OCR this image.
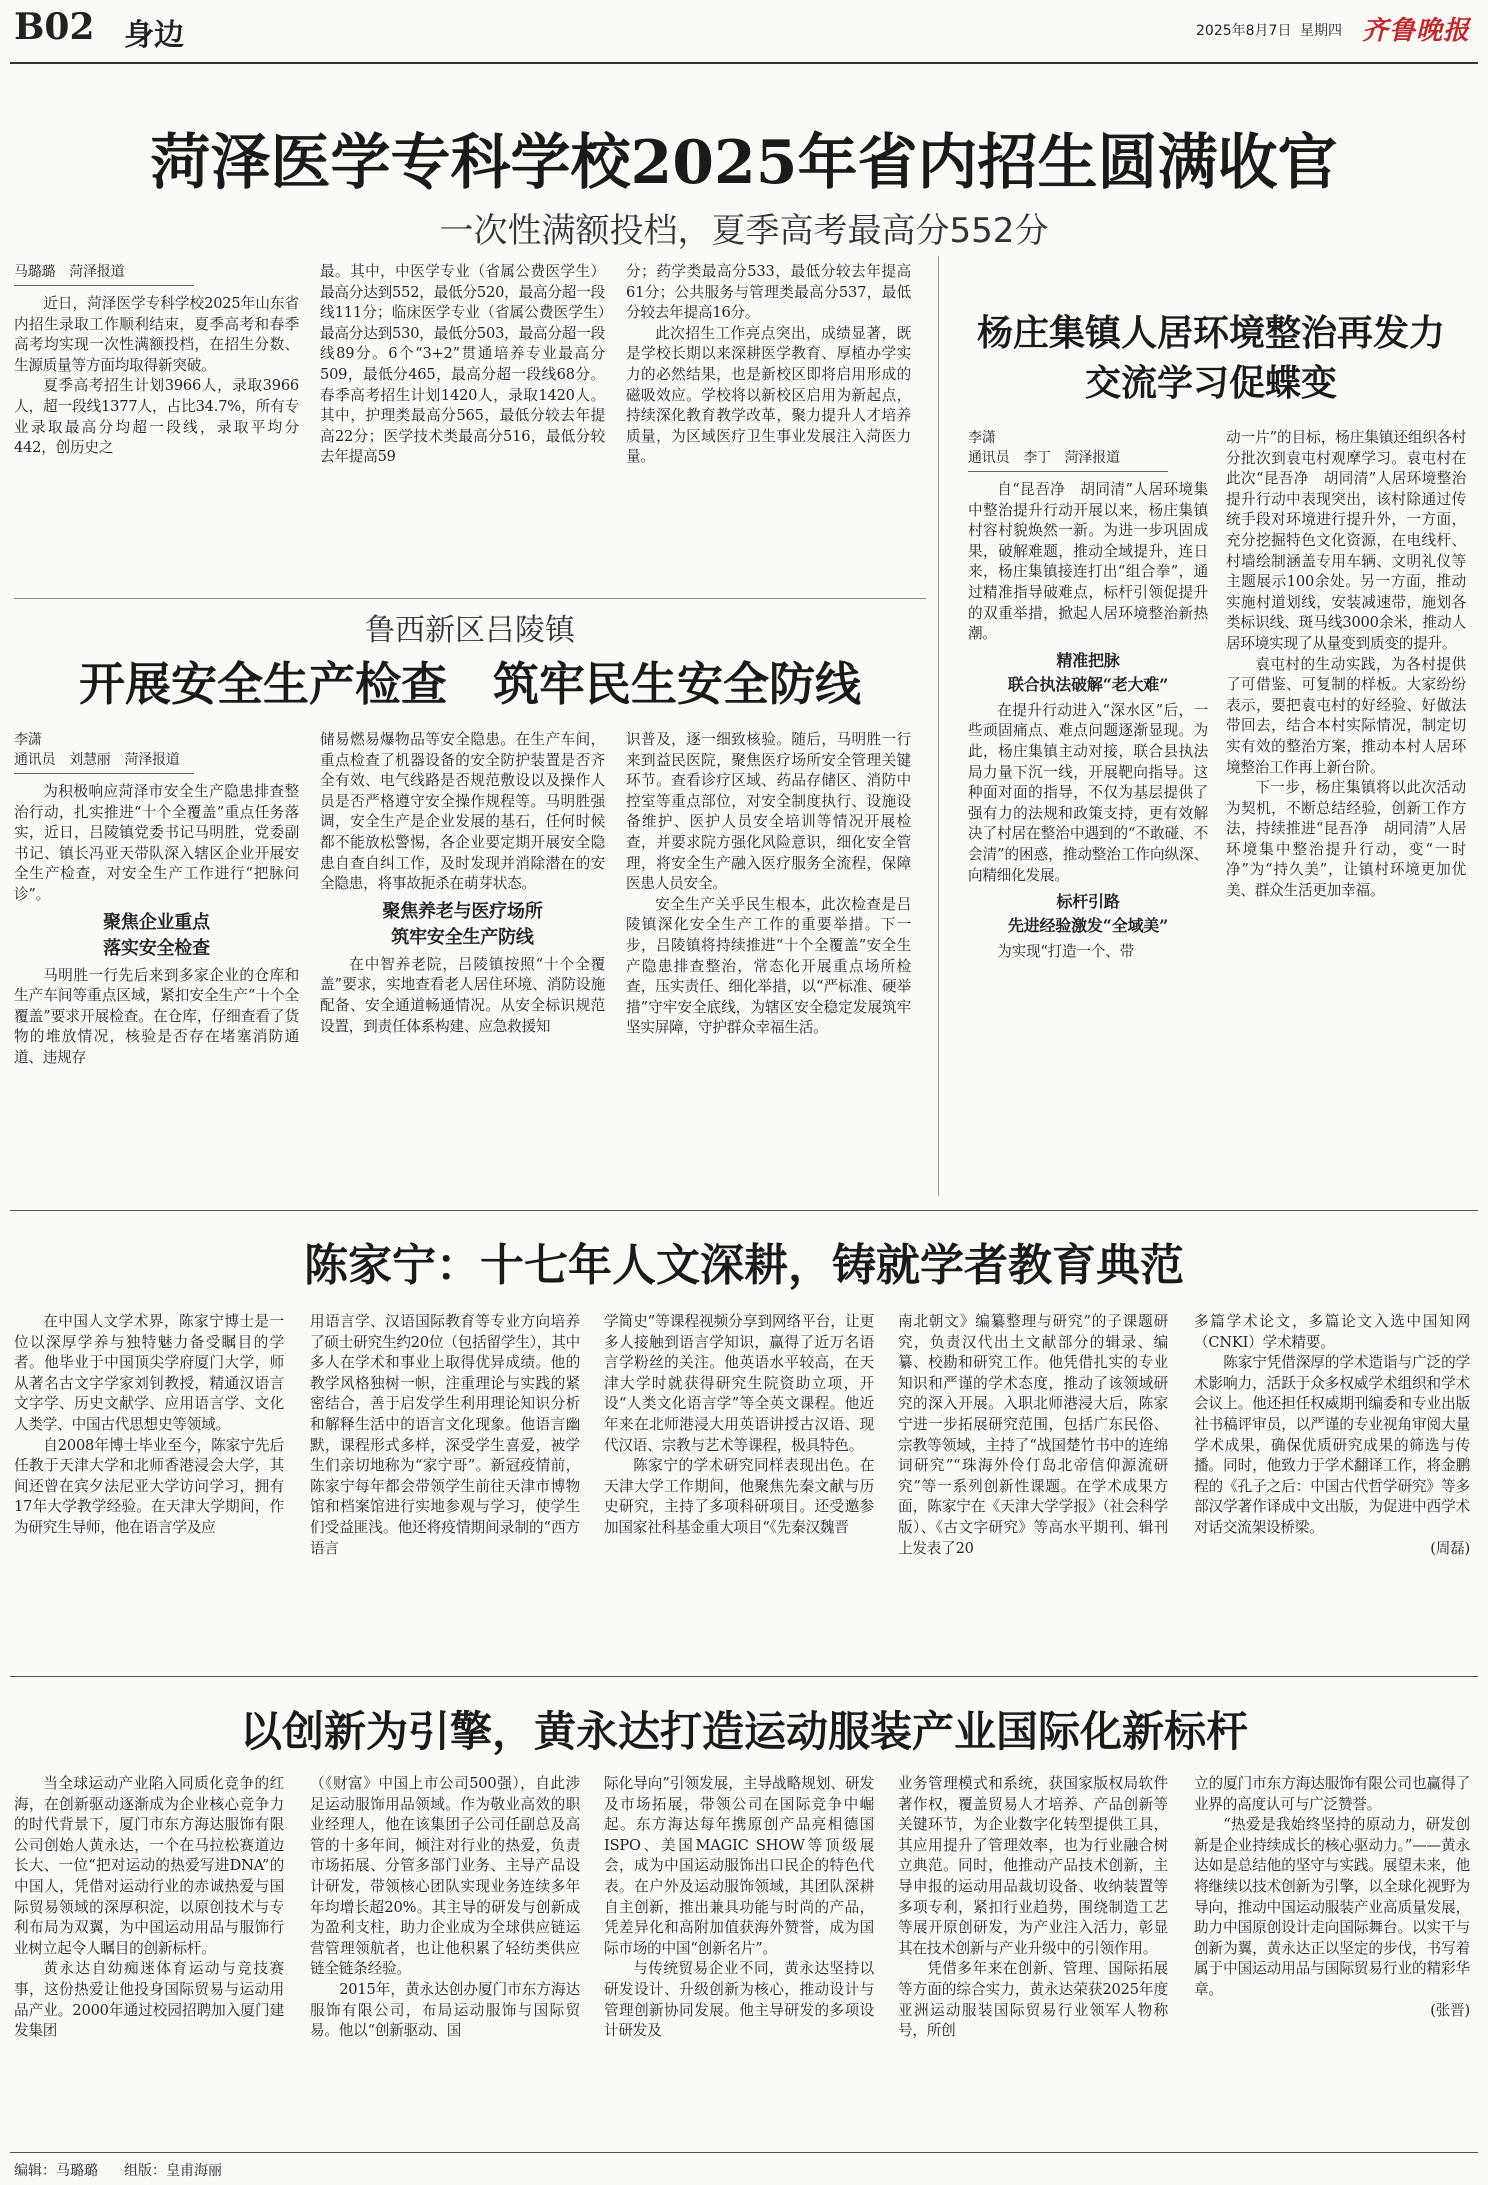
B02 身边	2025年8月7日 星期四 齐鲁晚报
菏泽医学专科学校2025年省内招生圆满收官
一次性满额投档，夏季高考最高分552分
马璐璐　菏泽报道

近日，菏泽医学专科学校2025年山东省内招生录取工作顺利结束，夏季高考和春季高考均实现一次性满额投档，在招生分数、生源质量等方面均取得新突破。

夏季高考招生计划3966人，录取3966人，超一段线1377人，占比34.7%，所有专业录取最高分均超一段线，录取平均分442，创历史之

最。其中，中医学专业（省属公费医学生）最高分达到552，最低分520，最高分超一段线111分；临床医学专业（省属公费医学生）最高分达到530，最低分503，最高分超一段线89分。6个“3+2”贯通培养专业最高分509，最低分465，最高分超一段线68分。春季高考招生计划1420人，录取1420人。其中，护理类最高分565，最低分较去年提高22分；医学技术类最高分516，最低分较去年提高59

分；药学类最高分533，最低分较去年提高61分；公共服务与管理类最高分537，最低分较去年提高16分。

此次招生工作亮点突出，成绩显著，既是学校长期以来深耕医学教育、厚植办学实力的必然结果，也是新校区即将启用形成的磁吸效应。学校将以新校区启用为新起点，持续深化教育教学改革，聚力提升人才培养质量，为区域医疗卫生事业发展注入菏医力量。

杨庄集镇人居环境整治再发力
交流学习促蝶变
李潇
通讯员　李丁　菏泽报道

自“昆吾净　胡同清”人居环境集中整治提升行动开展以来，杨庄集镇村容村貌焕然一新。为进一步巩固成果，破解难题，推动全域提升，连日来，杨庄集镇接连打出“组合拳”，通过精准指导破难点，标杆引领促提升的双重举措，掀起人居环境整治新热潮。

精准把脉
联合执法破解“老大难”

在提升行动进入“深水区”后，一些顽固痛点、难点问题逐渐显现。为此，杨庄集镇主动对接，联合县执法局力量下沉一线，开展靶向指导。这种面对面的指导，不仅为基层提供了强有力的法规和政策支持，更有效解决了村居在整治中遇到的“不敢碰、不会清”的困惑，推动整治工作向纵深、向精细化发展。

标杆引路
先进经验激发“全域美”

为实现“打造一个、带

动一片”的目标，杨庄集镇还组织各村分批次到袁屯村观摩学习。袁屯村在此次“昆吾净　胡同清”人居环境整治提升行动中表现突出，该村除通过传统手段对环境进行提升外，一方面，充分挖掘特色文化资源，在电线杆、村墙绘制涵盖专用车辆、文明礼仪等主题展示100余处。另一方面，推动实施村道划线，安装减速带，施划各类标识线、斑马线3000余米，推动人居环境实现了从量变到质变的提升。

袁屯村的生动实践，为各村提供了可借鉴、可复制的样板。大家纷纷表示，要把袁屯村的好经验、好做法带回去，结合本村实际情况，制定切实有效的整治方案，推动本村人居环境整治工作再上新台阶。

下一步，杨庄集镇将以此次活动为契机，不断总结经验，创新工作方法，持续推进“昆吾净　胡同清”人居环境集中整治提升行动，变“一时净”为“持久美”，让镇村环境更加优美、群众生活更加幸福。

鲁西新区吕陵镇
开展安全生产检查　筑牢民生安全防线
李潇
通讯员　刘慧丽　菏泽报道

为积极响应菏泽市安全生产隐患排查整治行动，扎实推进“十个全覆盖”重点任务落实，近日，吕陵镇党委书记马明胜，党委副书记、镇长冯亚天带队深入辖区企业开展安全生产检查，对安全生产工作进行“把脉问诊”。

聚焦企业重点
落实安全检查

马明胜一行先后来到多家企业的仓库和生产车间等重点区域，紧扣安全生产“十个全覆盖”要求开展检查。在仓库，仔细查看了货物的堆放情况，核验是否存在堵塞消防通道、违规存

储易燃易爆物品等安全隐患。在生产车间，重点检查了机器设备的安全防护装置是否齐全有效、电气线路是否规范敷设以及操作人员是否严格遵守安全操作规程等。马明胜强调，安全生产是企业发展的基石，任何时候都不能放松警惕，各企业要定期开展安全隐患自查自纠工作，及时发现并消除潜在的安全隐患，将事故扼杀在萌芽状态。

聚焦养老与医疗场所
筑牢安全生产防线

在中智养老院，吕陵镇按照“十个全覆盖”要求，实地查看老人居住环境、消防设施配备、安全通道畅通情况。从安全标识规范设置，到责任体系构建、应急救援知

识普及，逐一细致核验。随后，马明胜一行来到益民医院，聚焦医疗场所安全管理关键环节。查看诊疗区域、药品存储区、消防中控室等重点部位，对安全制度执行、设施设备维护、医护人员安全培训等情况开展检查，并要求院方强化风险意识，细化安全管理，将安全生产融入医疗服务全流程，保障医患人员安全。

安全生产关乎民生根本，此次检查是吕陵镇深化安全生产工作的重要举措。下一步，吕陵镇将持续推进“十个全覆盖”安全生产隐患排查整治，常态化开展重点场所检查，压实责任、细化举措，以“严标准、硬举措”守牢安全底线，为辖区安全稳定发展筑牢坚实屏障，守护群众幸福生活。

陈家宁：十七年人文深耕，铸就学者教育典范

在中国人文学术界，陈家宁博士是一位以深厚学养与独特魅力备受瞩目的学者。他毕业于中国顶尖学府厦门大学，师从著名古文字学家刘钊教授，精通汉语言文字学、历史文献学、应用语言学、文化人类学、中国古代思想史等领域。

自2008年博士毕业至今，陈家宁先后任教于天津大学和北师香港浸会大学，其间还曾在宾夕法尼亚大学访问学习，拥有17年大学教学经验。在天津大学期间，作为研究生导师，他在语言学及应

用语言学、汉语国际教育等专业方向培养了硕士研究生约20位（包括留学生），其中多人在学术和事业上取得优异成绩。他的教学风格独树一帜，注重理论与实践的紧密结合，善于启发学生利用理论知识分析和解释生活中的语言文化现象。他语言幽默，课程形式多样，深受学生喜爱，被学生们亲切地称为“家宁哥”。新冠疫情前，陈家宁每年都会带领学生前往天津市博物馆和档案馆进行实地参观与学习，使学生们受益匪浅。他还将疫情期间录制的“西方语言

学简史”等课程视频分享到网络平台，让更多人接触到语言学知识，赢得了近万名语言学粉丝的关注。他英语水平较高，在天津大学时就获得研究生院资助立项，开设“人类文化语言学”等全英文课程。他近年来在北师港浸大用英语讲授古汉语、现代汉语、宗教与艺术等课程，极具特色。

陈家宁的学术研究同样表现出色。在天津大学工作期间，他聚焦先秦文献与历史研究，主持了多项科研项目。还受邀参加国家社科基金重大项目“《先秦汉魏晋

南北朝文》编纂整理与研究”的子课题研究，负责汉代出土文献部分的辑录、编纂、校勘和研究工作。他凭借扎实的专业知识和严谨的学术态度，推动了该领域研究的深入开展。入职北师港浸大后，陈家宁进一步拓展研究范围，包括广东民俗、宗教等领域，主持了“战国楚竹书中的连绵词研究”“珠海外伶仃岛北帝信仰源流研究”等一系列创新性课题。在学术成果方面，陈家宁在《天津大学学报》（社会科学版）、《古文字研究》等高水平期刊、辑刊上发表了20

多篇学术论文，多篇论文入选中国知网（CNKI）学术精要。

陈家宁凭借深厚的学术造诣与广泛的学术影响力，活跃于众多权威学术组织和学术会议上。他还担任权威期刊编委和专业出版社书稿评审员，以严谨的专业视角审阅大量学术成果，确保优质研究成果的筛选与传播。同时，他致力于学术翻译工作，将金鹏程的《孔子之后：中国古代哲学研究》等多部汉学著作译成中文出版，为促进中西学术对话交流架设桥梁。

(周磊)
以创新为引擎，黄永达打造运动服装产业国际化新标杆

当全球运动产业陷入同质化竞争的红海，在创新驱动逐渐成为企业核心竞争力的时代背景下，厦门市东方海达服饰有限公司创始人黄永达，一个在马拉松赛道边长大、一位“把对运动的热爱写进DNA”的中国人，凭借对运动行业的赤诚热爱与国际贸易领域的深厚积淀，以原创技术与专利布局为双翼，为中国运动用品与服饰行业树立起令人瞩目的创新标杆。

黄永达自幼痴迷体育运动与竞技赛事，这份热爱让他投身国际贸易与运动用品产业。2000年通过校园招聘加入厦门建发集团

（《财富》中国上市公司500强），自此涉足运动服饰用品领域。作为敬业高效的职业经理人，他在该集团子公司任副总及高管的十多年间，倾注对行业的热爱，负责市场拓展、分管多部门业务、主导产品设计研发，带领核心团队实现业务连续多年年均增长超20%。其主导的研发与创新成为盈利支柱，助力企业成为全球供应链运营管理领航者，也让他积累了轻纺类供应链全链条经验。

2015年，黄永达创办厦门市东方海达服饰有限公司，布局运动服饰与国际贸易。他以“创新驱动、国

际化导向”引领发展，主导战略规划、研发及市场拓展，带领公司在国际竞争中崛起。东方海达每年携原创产品亮相德国ISPO、美国MAGIC SHOW等顶级展会，成为中国运动服饰出口民企的特色代表。在户外及运动服饰领域，其团队深耕自主创新，推出兼具功能与时尚的产品，凭差异化和高附加值获海外赞誉，成为国际市场的中国“创新名片”。

与传统贸易企业不同，黄永达坚持以研发设计、升级创新为核心，推动设计与管理创新协同发展。他主导研发的多项设计研发及

业务管理模式和系统，获国家版权局软件著作权，覆盖贸易人才培养、产品创新等关键环节，为企业数字化转型提供工具，其应用提升了管理效率，也为行业融合树立典范。同时，他推动产品技术创新，主导申报的运动用品裁切设备、收纳装置等多项专利，紧扣行业趋势，围绕制造工艺等展开原创研发，为产业注入活力，彰显其在技术创新与产业升级中的引领作用。

凭借多年来在创新、管理、国际拓展等方面的综合实力，黄永达荣获2025年度亚洲运动服装国际贸易行业领军人物称号，所创

立的厦门市东方海达服饰有限公司也赢得了业界的高度认可与广泛赞誉。

“热爱是我始终坚持的原动力，研发创新是企业持续成长的核心驱动力。”——黄永达如是总结他的坚守与实践。展望未来，他将继续以技术创新为引擎，以全球化视野为导向，推动中国运动服装产业高质量发展，助力中国原创设计走向国际舞台。以实干与创新为翼，黄永达正以坚定的步伐，书写着属于中国运动用品与国际贸易行业的精彩华章。

(张晋)
编辑：马璐璐 组版：皇甫海丽
